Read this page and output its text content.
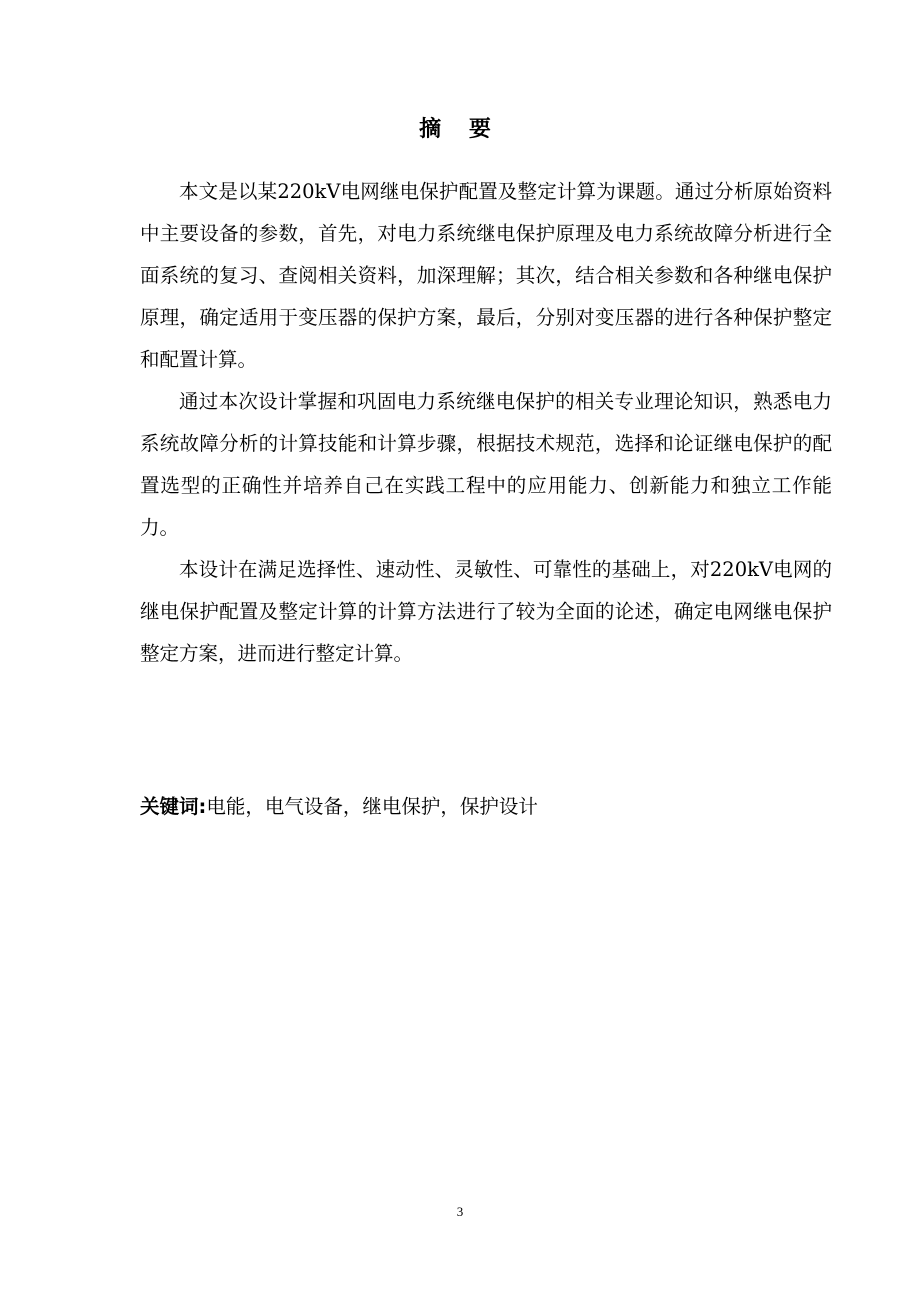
摘 要

本文是以某220kV电网继电保护配置及整定计算为课题。通过分析原始资料中主要设备的参数，首先，对电力系统继电保护原理及电力系统故障分析进行全面系统的复习、查阅相关资料，加深理解；其次，结合相关参数和各种继电保护原理，确定适用于变压器的保护方案，最后，分别对变压器的进行各种保护整定和配置计算。

通过本次设计掌握和巩固电力系统继电保护的相关专业理论知识，熟悉电力系统故障分析的计算技能和计算步骤，根据技术规范，选择和论证继电保护的配置选型的正确性并培养自己在实践工程中的应用能力、创新能力和独立工作能力。

本设计在满足选择性、速动性、灵敏性、可靠性的基础上，对220kV电网的继电保护配置及整定计算的计算方法进行了较为全面的论述，确定电网继电保护整定方案，进而进行整定计算。

关键词:电能，电气设备，继电保护，保护设计
3
